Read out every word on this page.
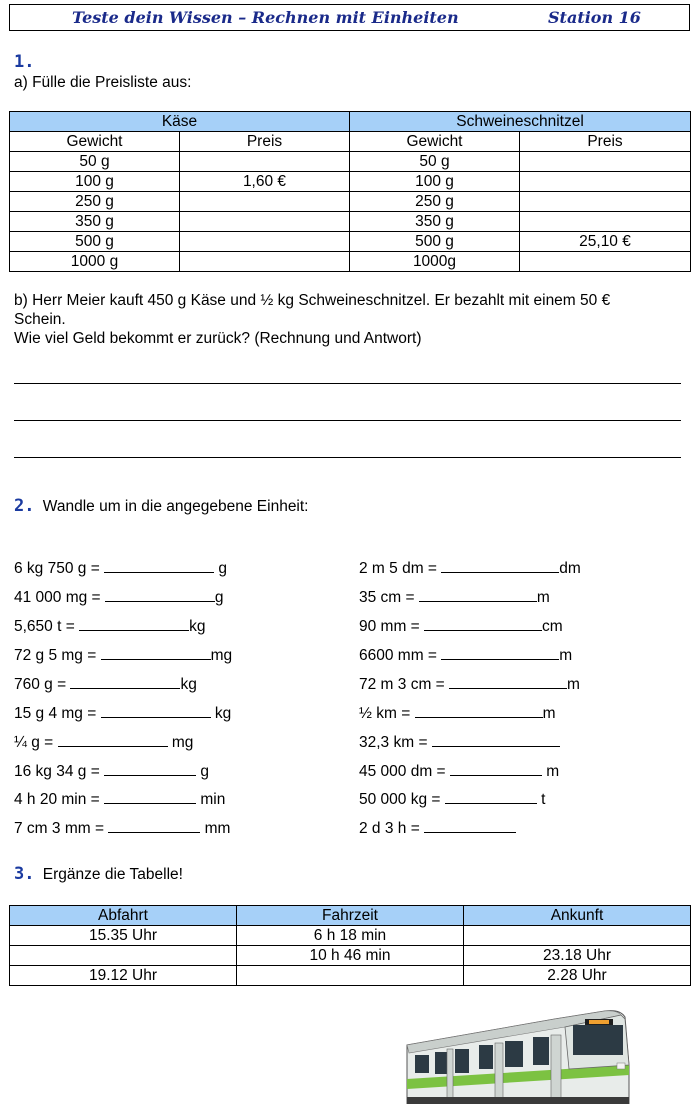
Teste dein Wissen – Rechnen mit Einheiten	Station 16
1.
a) Fülle die Preisliste aus:
Käse		Schweineschnitzel	
Gewicht	Preis	Gewicht	Preis
50 g		50 g	
100 g	1,60 €	100 g	
250 g		250 g	
350 g		350 g	
500 g		500 g	25,10 €
1000 g		1000g	
b) Herr Meier kauft 450 g Käse und ½ kg Schweineschnitzel. Er bezahlt mit einem 50 €
Schein.
Wie viel Geld bekommt er zurück? (Rechnung und Antwort)
2. Wandle um in die angegebene Einheit:
6 kg 750 g =	g
41 000 mg =	g
5,650 t =	kg
72 g 5 mg =	mg
760 g =	kg
15 g 4 mg =	kg
¼ g =	mg
16 kg 34 g =	g
4 h 20 min =	min
7 cm 3 mm =	mm
2 m 5 dm =	dm
35 cm =	m
90 mm =	cm
6600 mm =	m
72 m 3 cm =	m
½ km =	m
32,3 km =
45 000 dm =	m
50 000 kg =	t
2 d 3 h =
3. Ergänze die Tabelle!
Abfahrt	Fahrzeit	Ankunft
15.35 Uhr	6 h 18 min	
	10 h 46 min	23.18 Uhr
19.12 Uhr		2.28 Uhr
